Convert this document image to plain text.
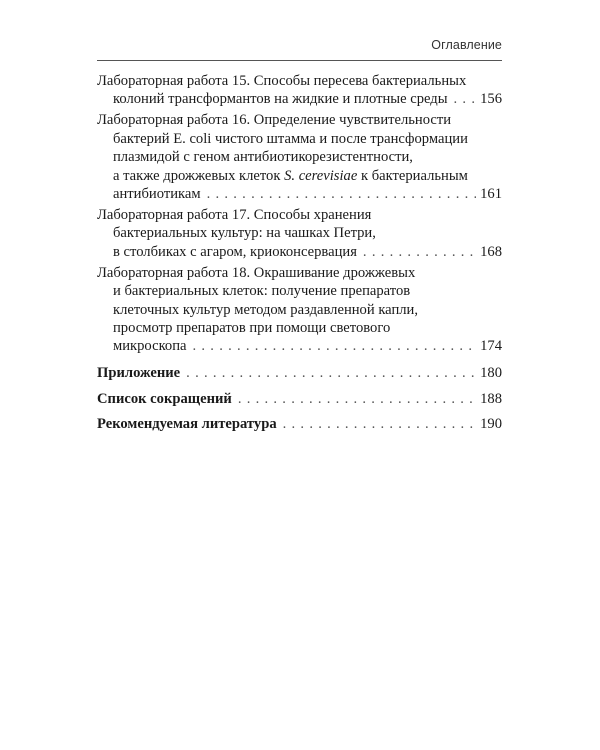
Оглавление
Лабораторная работа 15. Способы пересева бактериальных
колоний трансформантов на жидкие и плотные среды . . . 156
Лабораторная работа 16. Определение чувствительности
бактерий E. coli чистого штамма и после трансформации
плазмидой с геном антибиотикорезистентности,
а также дрожжевых клеток S. cerevisiae к бактериальным
антибиотикам . . .	161
Лабораторная работа 17. Способы хранения
бактериальных культур: на чашках Петри,
в столбиках с агаром, криоконсервация . . .	168
Лабораторная работа 18. Окрашивание дрожжевых
и бактериальных клеток: получение препаратов
клеточных культур методом раздавленной капли,
просмотр препаратов при помощи светового
микроскопа . . .	174
Приложение . . .	180
Список сокращений . . .	188
Рекомендуемая литература . . .	190
